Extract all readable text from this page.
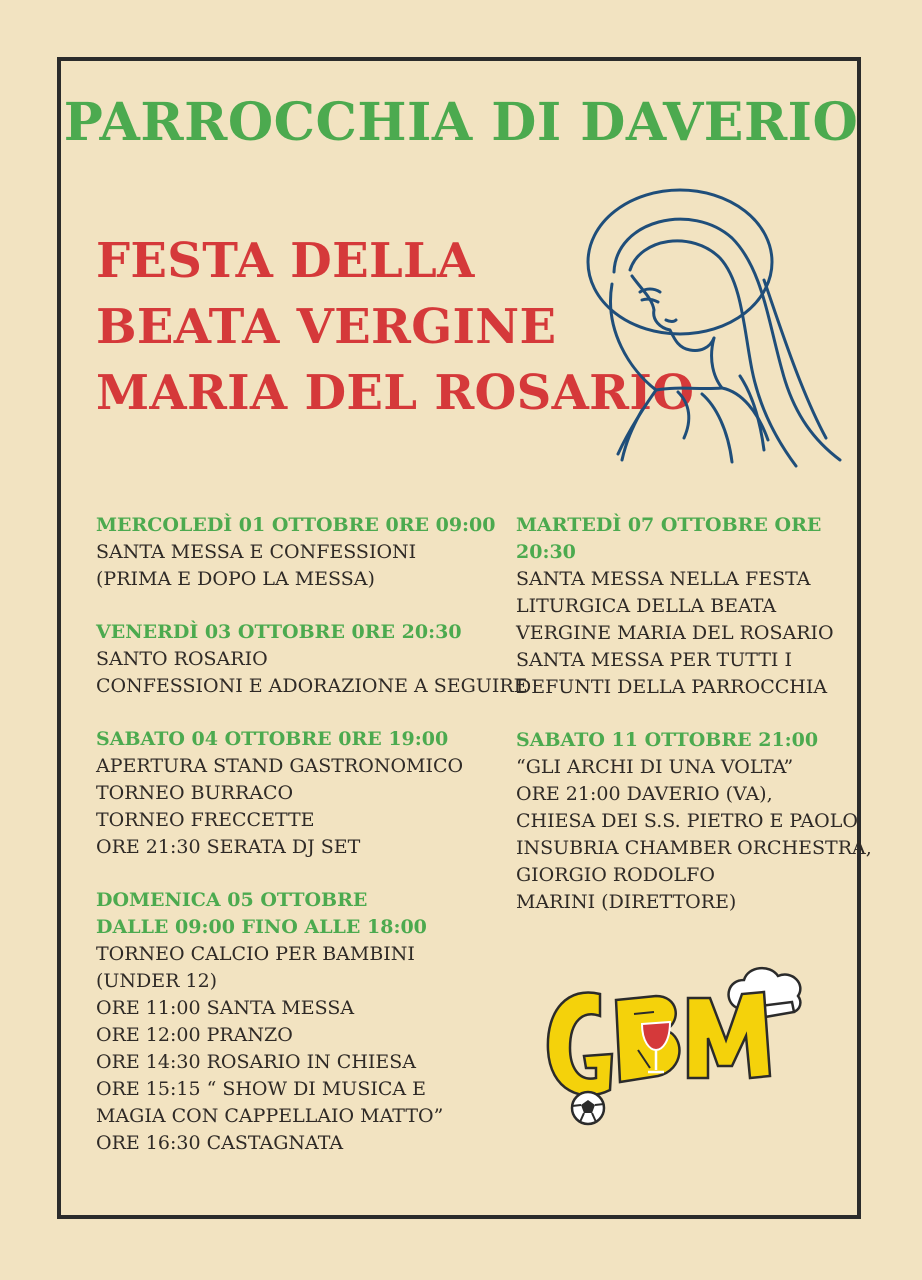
PARROCCHIA DI DAVERIO
FESTA DELLA
BEATA VERGINE
MARIA DEL ROSARIO
MERCOLEDÌ 01 OTTOBRE 0RE 09:00
SANTA MESSA E CONFESSIONI
(PRIMA E DOPO LA MESSA)
VENERDÌ 03 OTTOBRE 0RE 20:30
SANTO ROSARIO
CONFESSIONI E ADORAZIONE A SEGUIRE
SABATO 04 OTTOBRE 0RE 19:00
APERTURA STAND GASTRONOMICO
TORNEO BURRACO
TORNEO FRECCETTE
ORE 21:30 SERATA DJ SET
DOMENICA 05 OTTOBRE
DALLE 09:00 FINO ALLE 18:00
TORNEO CALCIO PER BAMBINI
(UNDER 12)
ORE 11:00 SANTA MESSA
ORE 12:00 PRANZO
ORE 14:30 ROSARIO IN CHIESA
ORE 15:15 “ SHOW DI MUSICA E
MAGIA CON CAPPELLAIO MATTO”
ORE 16:30 CASTAGNATA
MARTEDÌ 07 OTTOBRE ORE
20:30
SANTA MESSA NELLA FESTA
LITURGICA DELLA BEATA
VERGINE MARIA DEL ROSARIO
SANTA MESSA PER TUTTI I
DEFUNTI DELLA PARROCCHIA
SABATO 11 OTTOBRE 21:00
“GLI ARCHI DI UNA VOLTA”
ORE 21:00 DAVERIO (VA),
CHIESA DEI S.S. PIETRO E PAOLO
INSUBRIA CHAMBER ORCHESTRA,
GIORGIO RODOLFO
MARINI (DIRETTORE)
